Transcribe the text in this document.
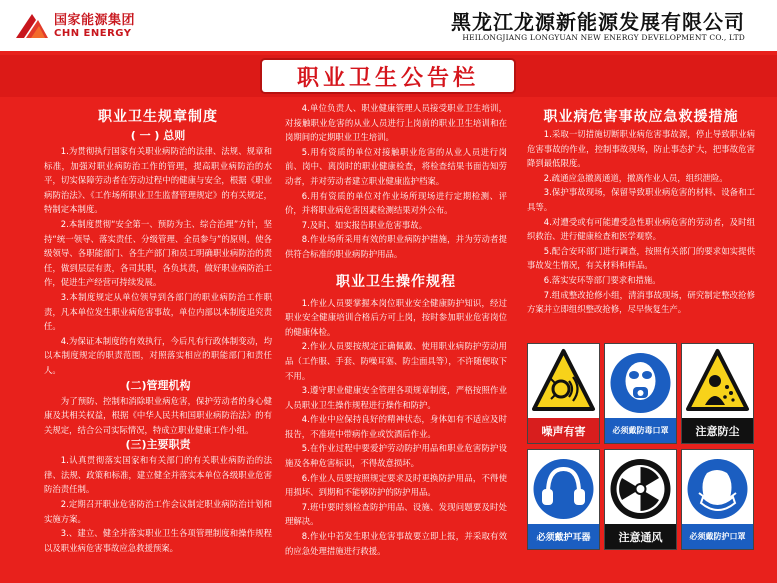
国家能源集团
CHN ENERGY	黑龙江龙源新能源发展有限公司
HEILONGJIANG LONGYUAN NEW ENERGY DEVELOPMENT CO., LTD
职业卫生公告栏
职业卫生规章制度
( 一 ) 总则

1.为贯彻执行国家有关职业病防治的法律、法规、规章和标准，加强对职业病防治工作的管理，提高职业病防治的水平，切实保障劳动者在劳动过程中的健康与安全，根据《职业病防治法》、《工作场所职业卫生监督管理规定》的有关规定，特制定本制度。

2.本制度贯彻“安全第一、预防为主、综合治理”方针，坚持“统一领导、落实责任、分级管理、全员参与”的原则，使各级领导、各职能部门、各生产部门和员工明确职业病防治的责任，做到层层有责，各司其职，各负其责，做好职业病防治工作，促进生产经营可持续发展。

3.本制度规定从单位领导到各部门的职业病防治工作职责，凡本单位发生职业病危害事故，单位内部以本制度追究责任。

4.为保证本制度的有效执行，今后凡有行政体制变动，均以本制度规定的职责范围，对照落实相应的职能部门和责任人。

(二)管理机构

为了预防、控制和消除职业病危害，保护劳动者的身心健康及其相关权益，根据《中华人民共和国职业病防治法》的有关规定，结合公司实际情况，特成立职业健康工作小组。

(三)主要职责

1.认真贯彻落实国家和有关部门的有关职业病防治的法律、法规、政策和标准，建立健全并落实本单位各级职业危害防治责任制。

2.定期召开职业危害防治工作会议制定职业病防治计划和实施方案。

3.、建立、健全并落实职业卫生各项管理制度和操作规程以及职业病危害事故应急救援预案。

4.单位负责人、职业健康管理人员接受职业卫生培训，对接触职业危害的从业人员进行上岗前的职业卫生培训和在岗期间的定期职业卫生培训。

5.用有资质的单位对接触职业危害的从业人员进行岗前、岗中、离岗时的职业健康检查，将检查结果书面告知劳动者，并对劳动者建立职业健康监护档案。

6.用有资质的单位对作业场所现场进行定期检测、评价，并将职业病危害因素检测结果对外公布。

7.及时、如实报告职业危害事故。

8.作业场所采用有效的职业病防护措施，并为劳动者提供符合标准的职业病防护用品。

职业卫生操作规程

1.作业人员要掌握本岗位职业安全健康防护知识，经过职业安全健康培训合格后方可上岗，按时参加职业危害岗位的健康体检。

2.作业人员要按规定正确佩戴、使用职业病防护劳动用品（工作服、手套、防噪耳塞、防尘面具等），不许随便取下不用。

3.遵守职业健康安全管理各项规章制度，严格按照作业人员职业卫生操作规程进行操作和防护。

4.作业中应保持良好的精神状态，身体如有不适应及时报告，不准班中带病作业或饮酒后作业。

5.在作业过程中要爱护劳动防护用品和职业危害防护设施及各种危害标识，不得故意损坏。

6.作业人员要按照规定要求及时更换防护用品，不得使用损坏、到期和不能够防护的防护用品。

7.班中要时刻检查防护用品、设施、发现问题要及时处理解决。

8.作业中若发生职业危害事故要立即上报，并采取有效的应急处理措施进行救援。

职业病危害事故应急救援措施

1.采取一切措施切断职业病危害事故源，停止导致职业病危害事故的作业，控制事故现场，防止事态扩大，把事故危害降到最低限度。

2.疏通应急撤离通道，撤离作业人员，组织泄险。

3.保护事故现场，保留导致职业病危害的材料、设备和工具等。

4.对遭受或有可能遭受急性职业病危害的劳动者，及时组织救治、进行健康检查和医学观察。

5.配合安环部门进行调查，按照有关部门的要求如实提供事故发生情况，有关材料和样品。

6.落实安环等部门要求和措施。

7.组成整改抢修小组，清消事故现场，研究制定整改抢修方案并立即组织整改抢修，尽早恢复生产。

噪声有害	必须戴防毒口罩	注意防尘
必须戴护耳器	注意通风	必须戴防护口罩
